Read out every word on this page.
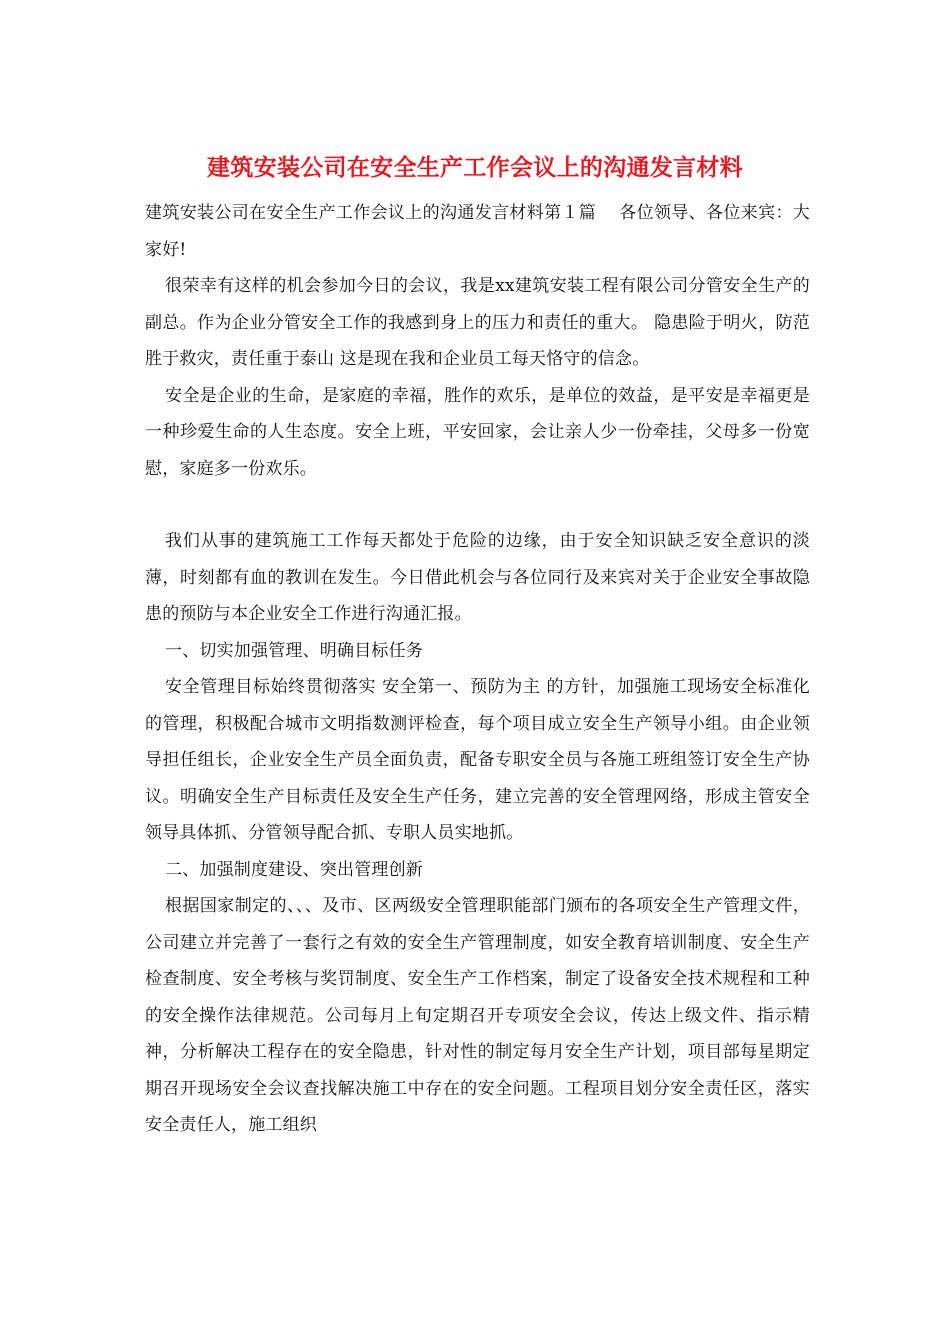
建筑安装公司在安全生产工作会议上的沟通发言材料

建筑安装公司在安全生产工作会议上的沟通发言材料第１篇　 各位领导、各位来宾：大家好!

很荣幸有这样的机会参加今日的会议，我是xx建筑安装工程有限公司分管安全生产的副总。作为企业分管安全工作的我感到身上的压力和责任的重大。 隐患险于明火，防范胜于救灾，责任重于泰山 这是现在我和企业员工每天恪守的信念。

安全是企业的生命，是家庭的幸福，胜作的欢乐，是单位的效益，是平安是幸福更是一种珍爱生命的人生态度。安全上班，平安回家，会让亲人少一份牵挂，父母多一份宽慰，家庭多一份欢乐。

我们从事的建筑施工工作每天都处于危险的边缘，由于安全知识缺乏安全意识的淡薄，时刻都有血的教训在发生。今日借此机会与各位同行及来宾对关于企业安全事故隐患的预防与本企业安全工作进行沟通汇报。

一、切实加强管理、明确目标任务

安全管理目标始终贯彻落实 安全第一、预防为主 的方针，加强施工现场安全标准化的管理，积极配合城市文明指数测评检查，每个项目成立安全生产领导小组。由企业领导担任组长，企业安全生产员全面负责，配备专职安全员与各施工班组签订安全生产协议。明确安全生产目标责任及安全生产任务，建立完善的安全管理网络，形成主管安全领导具体抓、分管领导配合抓、专职人员实地抓。

二、加强制度建设、突出管理创新

根据国家制定的、、、及市、区两级安全管理职能部门颁布的各项安全生产管理文件，公司建立并完善了一套行之有效的安全生产管理制度，如安全教育培训制度、安全生产检查制度、安全考核与奖罚制度、安全生产工作档案，制定了设备安全技术规程和工种的安全操作法律规范。公司每月上旬定期召开专项安全会议，传达上级文件、指示精神，分析解决工程存在的安全隐患，针对性的制定每月安全生产计划，项目部每星期定期召开现场安全会议查找解决施工中存在的安全问题。工程项目划分安全责任区，落实安全责任人，施工组织
